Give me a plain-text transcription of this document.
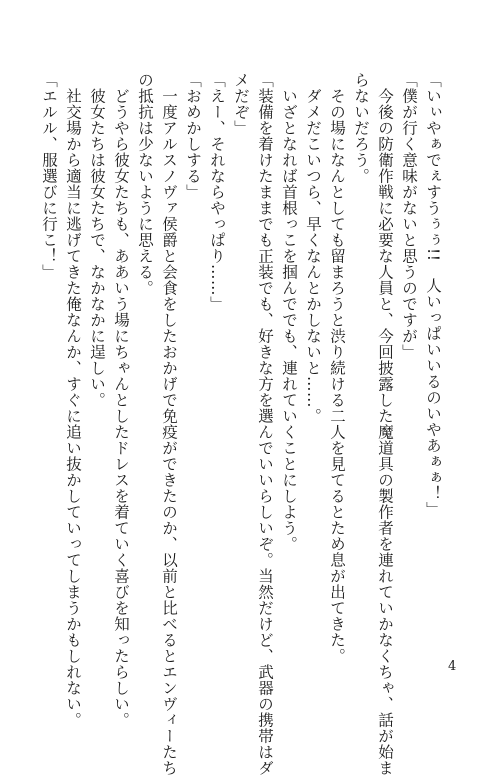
「いぃやぁでぇすうぅぅ!!　人いっぱいいるのいやあぁぁ！」
「僕が行く意味がないと思うのですが」
　今後の防衛作戦に必要な人員と、今回披露した魔道具の製作者を連れていかなくちゃ、話が始ま
らないだろう。
　その場になんとしても留まろうと渋り続ける二人を見てるとため息が出てきた。
　ダメだこいつら、早くなんとかしないと……。
　いざとなれば首根っこを掴んででも、連れていくことにしよう。
「装備を着けたままでも正装でも、好きな方を選んでいいらしいぞ。当然だけど、武器の携帯はダ
メだぞ」
「えー、それならやっぱり……」
「おめかしする」
　一度アルスノヴァ侯爵と会食をしたおかげで免疫ができたのか、以前と比べるとエンヴィーたち
の抵抗は少ないように思える。
　どうやら彼女たちも、ああいう場にちゃんとしたドレスを着ていく喜びを知ったらしい。
　彼女たちは彼女たちで、なかなかに逞しい。
　社交場から適当に逃げてきた俺なんか、すぐに追い抜かしていってしまうかもしれない。
「エルル、服選びに行こ！」
4
